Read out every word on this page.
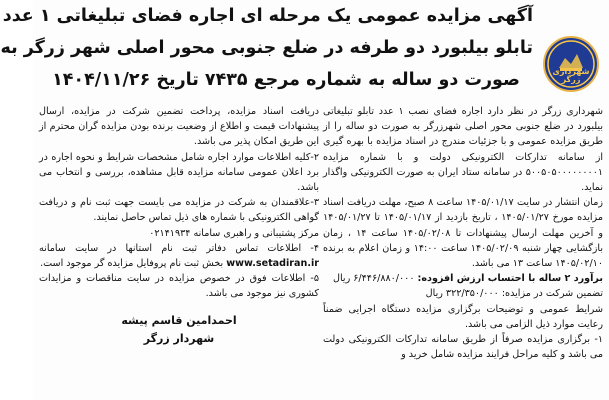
شهرداری زرگر
آگهی مزایده عمومی یک مرحله ای اجاره فضای تبلیغاتی ۱ عدد
تابلو بیلبورد دو طرفه در ضلع جنوبی محور اصلی شهر زرگر به
صورت دو ساله به شماره مرجع ۷۴۳۵ تاریخ ۱۴۰۴/۱۱/۲۶

شهرداری زرگر در نظر دارد اجاره فضای نصب ۱ عدد تابلو تبلیغاتی بیلبورد در ضلع جنوبی محور اصلی شهرزرگر به صورت دو ساله را از طریق مزایده عمومی و با جزئیات مندرج در اسناد مزایده با بهره گیری از سامانه تدارکات الکترونیکی دولت و با شماره مزایده ۵۰۰۵۰۵۰۰۰۰۰۰۰۰۱ در سامانه ستاد ایران به صورت الکترونیکی واگذار نماید.

زمان انتشار در سایت ۱۴۰۵/۰۱/۱۷ ساعت ۸ صبح، مهلت دریافت اسناد مزایده مورخ ۱۴۰۵/۰۱/۲۷ ، تاریخ بازدید از ۱۴۰۵/۰۱/۱۷ تا ۱۴۰۵/۰۱/۲۷ و آخرین مهلت ارسال پیشنهادات تا ۱۴۰۵/۰۲/۰۸ ساعت ۱۴ ، زمان بازگشایی چهار شنبه ۱۴۰۵/۰۲/۰۹ ساعت ۱۴:۰۰ و زمان اعلام به برنده ۱۴۰۵/۰۲/۱۰ ساعت ۱۳ می باشد.

برآورد ۲ ساله با احتساب ارزش افزوده: ۶/۴۴۶/۸۸۰/۰۰۰ ریال

تضمین شرکت در مزایده: ۳۲۲/۳۵۰/۰۰۰ ریال

شرایط عمومی و توضیحات برگزاری مزایده دستگاه اجرایی ضمناً رعایت موارد ذیل الزامی می باشد.

۱- برگزاری مزایده صرفاً از طریق سامانه تدارکات الکترونیکی دولت می باشد و کلیه مراحل فرایند مزایده شامل خرید و

دریافت اسناد مزایده، پرداخت تضمین شرکت در مزایده، ارسال پیشنهادات قیمت و اطلاع از وضعیت برنده بودن مزایده گران محترم از این طریق امکان پذیر می باشد.

۲-کلیه اطلاعات موارد اجاره شامل مشخصات شرایط و نحوه اجاره در برد اعلان عمومی سامانه مزایده قابل مشاهده، بررسی و انتخاب می باشد.

۳-علاقمندان به شرکت در مزایده می بایست جهت ثبت نام و دریافت گواهی الکترونیکی با شماره های ذیل تماس حاصل نمایند.

مرکز پشتیبانی و راهبری سامانه ۰۲۱۴۱۹۳۴

۴- اطلاعات تماس دفاتر ثبت نام استانها در سایت سامانه www.setadiran.ir بخش ثبت نام پروفایل مزایده گر موجود است.

۵- اطلاعات فوق در خصوص مزایده در سایت مناقصات و مزایدات کشوری نیز موجود می باشد.

احمدامین قاسم پیشه
شهردار زرگر
